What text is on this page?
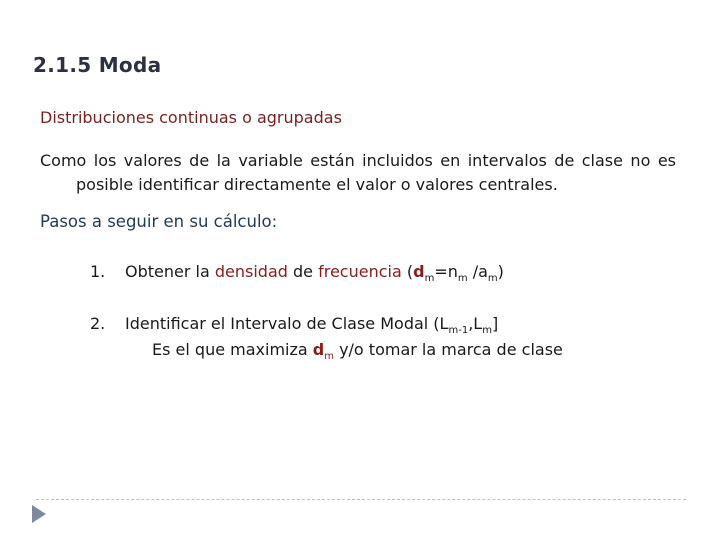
2.1.5 Moda
Distribuciones continuas o agrupadas
Como los valores de la variable están incluidos en intervalos de clase no es
posible identificar directamente el valor o valores centrales.
Pasos a seguir en su cálculo:
1. Obtener la densidad de frecuencia ($d_m=n_m$ $/a_m$)
2. Identificar el Intervalo de Clase Modal $(L_{m-1},L_m]$
Es el que maximiza $d_m$ y/o tomar la marca de clase
